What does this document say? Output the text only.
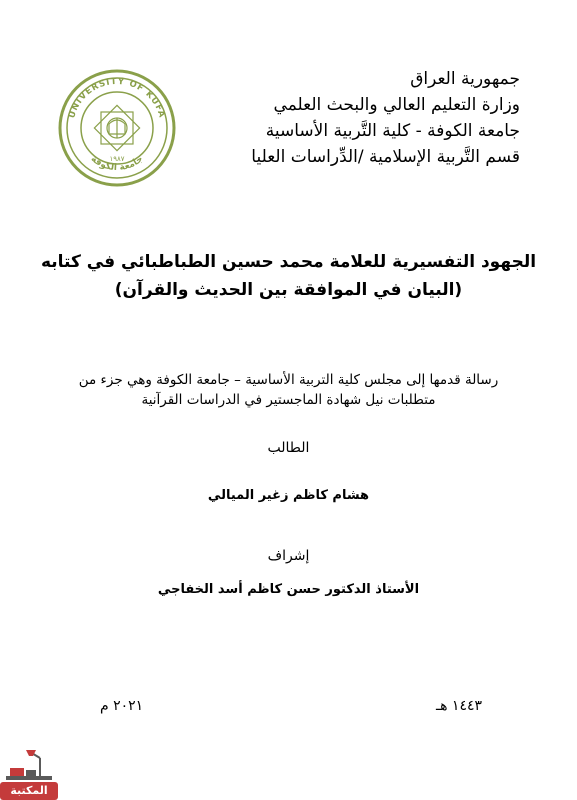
جمهورية العراق
وزارة التعليم العالي والبحث العلمي
جامعة الكوفة - كلية التَّربية الأساسية
قسم التَّربية الإسلامية /الدِّراسات العليا
UNIVERSITY OF KUFA
جامعة الكوفة
١٩٨٧
الجهود التفسيرية للعلامة محمد حسين الطباطبائي في كتابه
(البيان في الموافقة بين الحديث والقرآن)
رسالة قدمها إلى مجلس كلية التربية الأساسية – جامعة الكوفة وهي جزء من
متطلبات نيل شهادة الماجستير في الدراسات القرآنية
الطالب
هشام كاظم زغير الميالي
إشراف
الأستاذ الدكتور حسن كاظم أسد الخفاجي
١٤٤٣ هـ
٢٠٢١ م
المكتبة
